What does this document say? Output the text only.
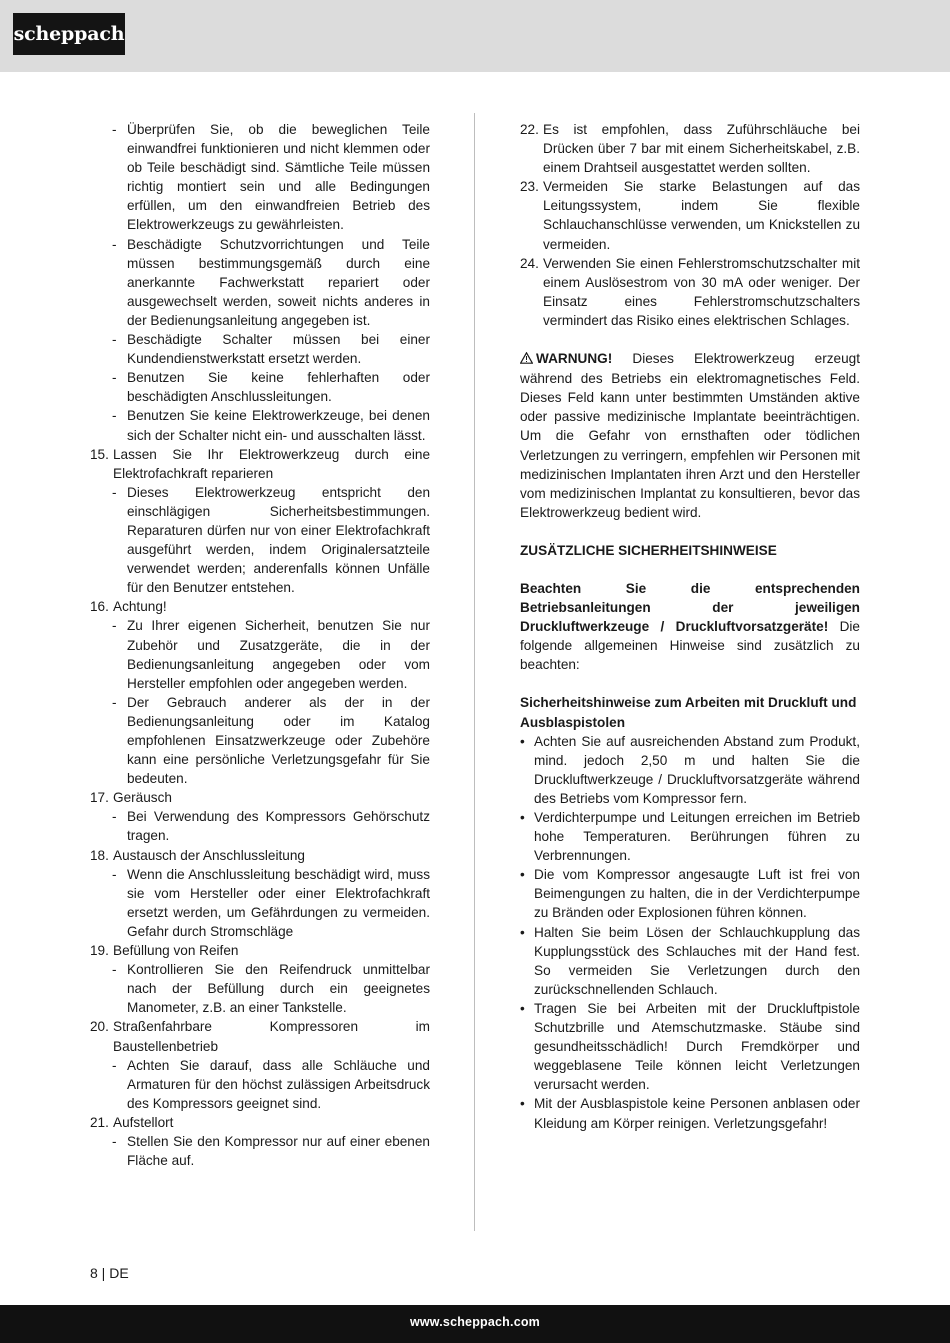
scheppach
- Überprüfen Sie, ob die beweglichen Teile einwandfrei funktionieren und nicht klemmen oder ob Teile beschädigt sind. Sämtliche Teile müssen richtig montiert sein und alle Bedingungen erfüllen, um den einwandfreien Betrieb des Elektrowerkzeugs zu gewährleisten.
- Beschädigte Schutzvorrichtungen und Teile müssen bestimmungsgemäß durch eine anerkannte Fachwerkstatt repariert oder ausgewechselt werden, soweit nichts anderes in der Bedienungsanleitung angegeben ist.
- Beschädigte Schalter müssen bei einer Kundendienstwerkstatt ersetzt werden.
- Benutzen Sie keine fehlerhaften oder beschädigten Anschlussleitungen.
- Benutzen Sie keine Elektrowerkzeuge, bei denen sich der Schalter nicht ein- und ausschalten lässt.
15. Lassen Sie Ihr Elektrowerkzeug durch eine Elektrofachkraft reparieren
- Dieses Elektrowerkzeug entspricht den einschlägigen Sicherheitsbestimmungen. Reparaturen dürfen nur von einer Elektrofachkraft ausgeführt werden, indem Originalersatzteile verwendet werden; anderenfalls können Unfälle für den Benutzer entstehen.
16. Achtung!
- Zu Ihrer eigenen Sicherheit, benutzen Sie nur Zubehör und Zusatzgeräte, die in der Bedienungsanleitung angegeben oder vom Hersteller empfohlen oder angegeben werden.
- Der Gebrauch anderer als der in der Bedienungsanleitung oder im Katalog empfohlenen Einsatzwerkzeuge oder Zubehöre kann eine persönliche Verletzungsgefahr für Sie bedeuten.
17. Geräusch
- Bei Verwendung des Kompressors Gehörschutz tragen.
18. Austausch der Anschlussleitung
- Wenn die Anschlussleitung beschädigt wird, muss sie vom Hersteller oder einer Elektrofachkraft ersetzt werden, um Gefährdungen zu vermeiden. Gefahr durch Stromschläge
19. Befüllung von Reifen
- Kontrollieren Sie den Reifendruck unmittelbar nach der Befüllung durch ein geeignetes Manometer, z.B. an einer Tankstelle.
20. Straßenfahrbare Kompressoren im Baustellenbetrieb
- Achten Sie darauf, dass alle Schläuche und Armaturen für den höchst zulässigen Arbeitsdruck des Kompressors geeignet sind.
21. Aufstellort
- Stellen Sie den Kompressor nur auf einer ebenen Fläche auf.
22. Es ist empfohlen, dass Zuführschläuche bei Drücken über 7 bar mit einem Sicherheitskabel, z.B. einem Drahtseil ausgestattet werden sollten.
23. Vermeiden Sie starke Belastungen auf das Leitungssystem, indem Sie flexible Schlauchanschlüsse verwenden, um Knickstellen zu vermeiden.
24. Verwenden Sie einen Fehlerstromschutzschalter mit einem Auslösestrom von 30 mA oder weniger. Der Einsatz eines Fehlerstromschutzschalters vermindert das Risiko eines elektrischen Schlages.
WARNUNG! Dieses Elektrowerkzeug erzeugt während des Betriebs ein elektromagnetisches Feld. Dieses Feld kann unter bestimmten Umständen aktive oder passive medizinische Implantate beeinträchtigen. Um die Gefahr von ernsthaften oder tödlichen Verletzungen zu verringern, empfehlen wir Personen mit medizinischen Implantaten ihren Arzt und den Hersteller vom medizinischen Implantat zu konsultieren, bevor das Elektrowerkzeug bedient wird.
ZUSÄTZLICHE SICHERHEITSHINWEISE
Beachten Sie die entsprechenden Betriebsanleitungen der jeweiligen Druckluftwerkzeuge / Druckluftvorsatzgeräte! Die folgende allgemeinen Hinweise sind zusätzlich zu beachten:
Sicherheitshinweise zum Arbeiten mit Druckluft und Ausblaspistolen
• Achten Sie auf ausreichenden Abstand zum Produkt, mind. jedoch 2,50 m und halten Sie die Druckluftwerkzeuge / Druckluftvorsatzgeräte während des Betriebs vom Kompressor fern.
• Verdichterpumpe und Leitungen erreichen im Betrieb hohe Temperaturen. Berührungen führen zu Verbrennungen.
• Die vom Kompressor angesaugte Luft ist frei von Beimengungen zu halten, die in der Verdichterpumpe zu Bränden oder Explosionen führen können.
• Halten Sie beim Lösen der Schlauchkupplung das Kupplungsstück des Schlauches mit der Hand fest. So vermeiden Sie Verletzungen durch den zurückschnellenden Schlauch.
• Tragen Sie bei Arbeiten mit der Druckluftpistole Schutzbrille und Atemschutzmaske. Stäube sind gesundheitsschädlich! Durch Fremdkörper und weggeblasene Teile können leicht Verletzungen verursacht werden.
• Mit der Ausblaspistole keine Personen anblasen oder Kleidung am Körper reinigen. Verletzungsgefahr!
8 | DE
www.scheppach.com
